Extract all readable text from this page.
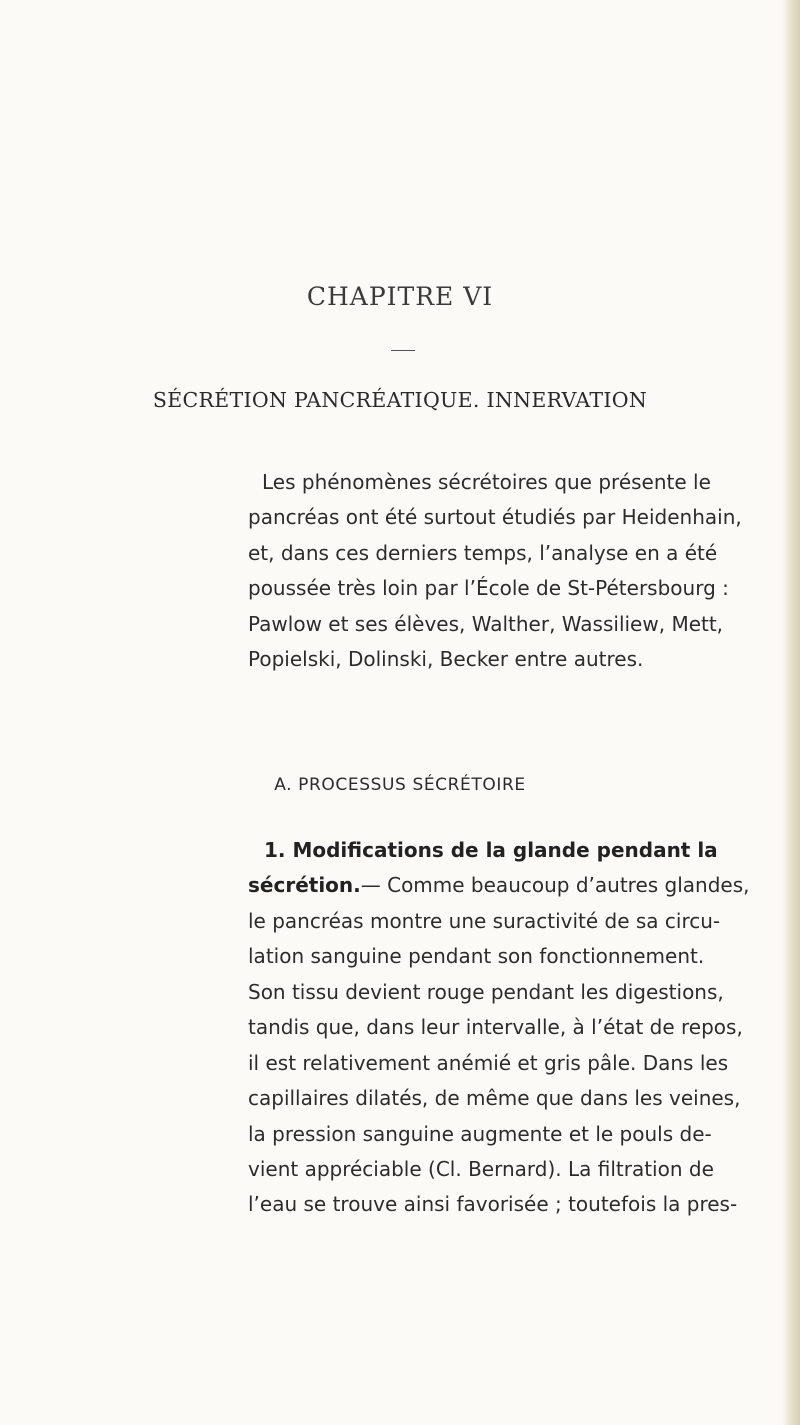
CHAPITRE VI
SÉCRÉTION PANCRÉATIQUE. INNERVATION
Les phénomènes sécrétoires que présente le
pancréas ont été surtout étudiés par Heidenhain,
et, dans ces derniers temps, l’analyse en a été
poussée très loin par l’École de St-Pétersbourg :
Pawlow et ses élèves, Walther, Wassiliew, Mett,
Popielski, Dolinski, Becker entre autres.
A. PROCESSUS SÉCRÉTOIRE
1. Modifications de la glande pendant la
sécrétion.— Comme beaucoup d’autres glandes,
le pancréas montre une suractivité de sa circu-
lation sanguine pendant son fonctionnement.
Son tissu devient rouge pendant les digestions,
tandis que, dans leur intervalle, à l’état de repos,
il est relativement anémié et gris pâle. Dans les
capillaires dilatés, de même que dans les veines,
la pression sanguine augmente et le pouls de-
vient appréciable (Cl. Bernard). La filtration de
l’eau se trouve ainsi favorisée ; toutefois la pres-
